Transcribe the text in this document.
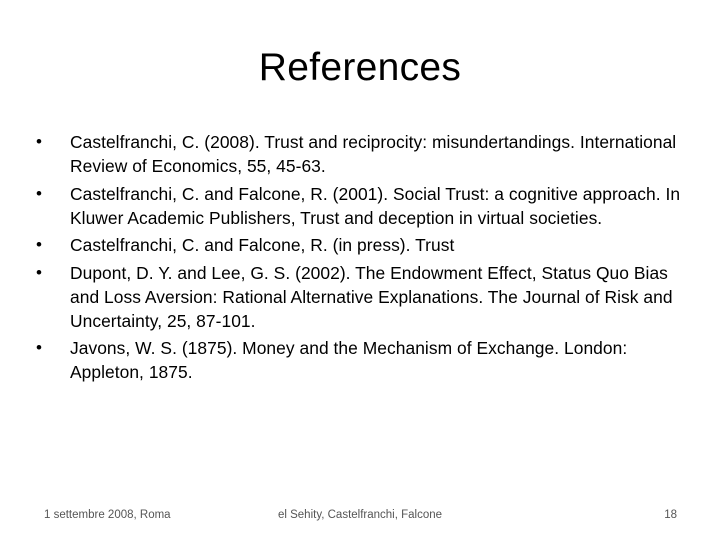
References
•	Castelfranchi, C. (2008). Trust and reciprocity: misundertandings. International Review of Economics, 55, 45-63.
•	Castelfranchi, C. and Falcone, R. (2001). Social Trust: a cognitive approach. In Kluwer Academic Publishers, Trust and deception in virtual societies.
•	Castelfranchi, C. and Falcone, R. (in press). Trust
•	Dupont, D. Y. and Lee, G. S. (2002). The Endowment Effect, Status Quo Bias and Loss Aversion: Rational Alternative Explanations. The Journal of Risk and Uncertainty, 25, 87-101.
•	Javons, W. S. (1875). Money and the Mechanism of Exchange. London: Appleton, 1875.
1 settembre 2008, Roma	el Sehity, Castelfranchi, Falcone	18
